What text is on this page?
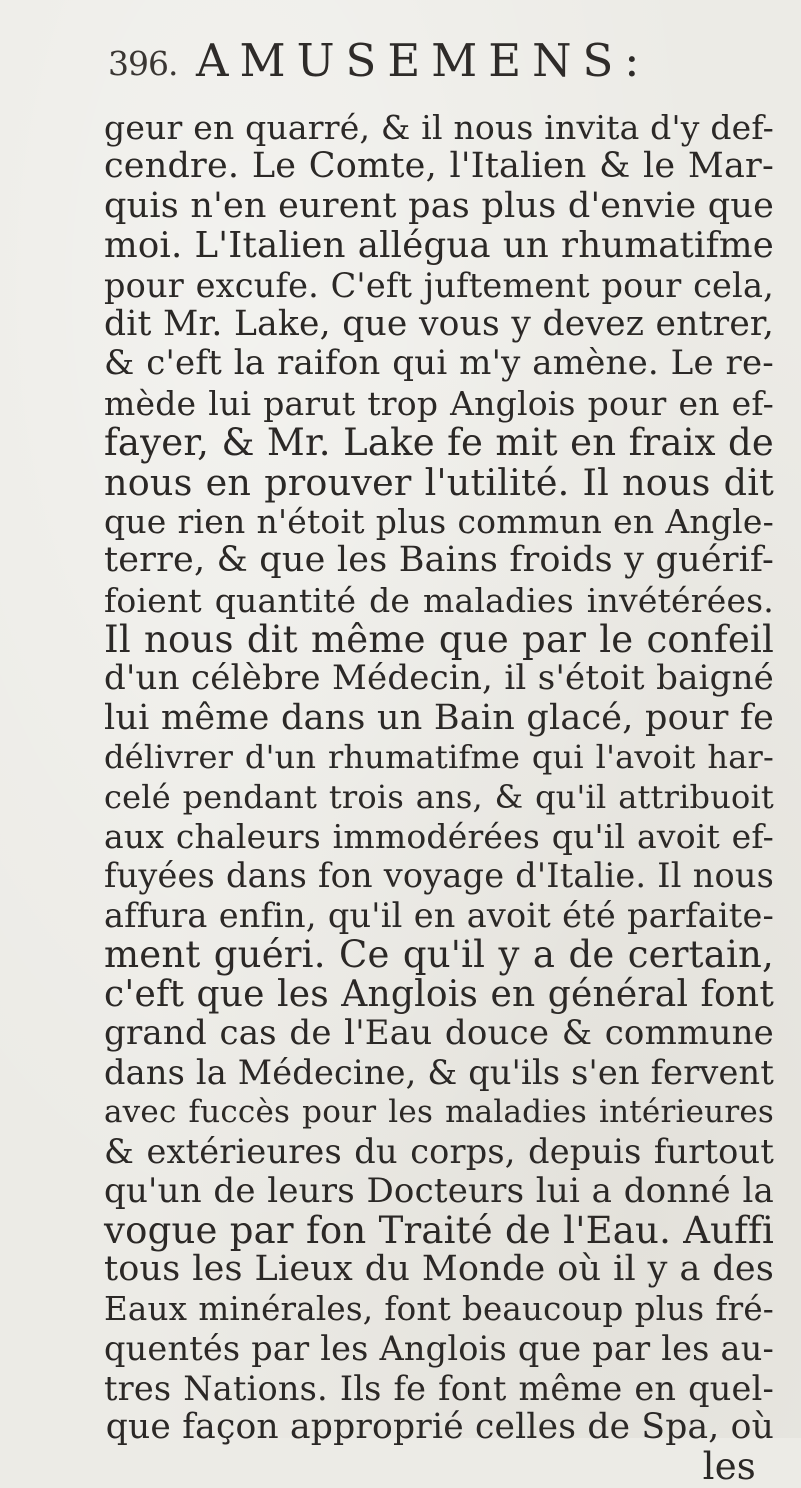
396. AMUSEMENS:
geur en quarré, & il nous invita d'y def-
cendre. Le Comte, l'Italien & le Mar-
quis n'en eurent pas plus d'envie que
moi. L'Italien allégua un rhumatifme
pour excufe. C'eft juftement pour cela,
dit Mr. Lake, que vous y devez entrer,
& c'eft la raifon qui m'y amène. Le re-
mède lui parut trop Anglois pour en ef-
fayer, & Mr. Lake fe mit en fraix de
nous en prouver l'utilité. Il nous dit
que rien n'étoit plus commun en Angle-
terre, & que les Bains froids y guérif-
foient quantité de maladies invétérées.
Il nous dit même que par le confeil
d'un célèbre Médecin, il s'étoit baigné
lui même dans un Bain glacé, pour fe
délivrer d'un rhumatifme qui l'avoit har-
celé pendant trois ans, & qu'il attribuoit
aux chaleurs immodérées qu'il avoit ef-
fuyées dans fon voyage d'Italie. Il nous
affura enfin, qu'il en avoit été parfaite-
ment guéri. Ce qu'il y a de certain,
c'eft que les Anglois en général font
grand cas de l'Eau douce & commune
dans la Médecine, & qu'ils s'en fervent
avec fuccès pour les maladies intérieures
& extérieures du corps, depuis furtout
qu'un de leurs Docteurs lui a donné la
vogue par fon Traité de l'Eau. Auffi
tous les Lieux du Monde où il y a des
Eaux minérales, font beaucoup plus fré-
quentés par les Anglois que par les au-
tres Nations. Ils fe font même en quel-
que façon approprié celles de Spa, où
les
